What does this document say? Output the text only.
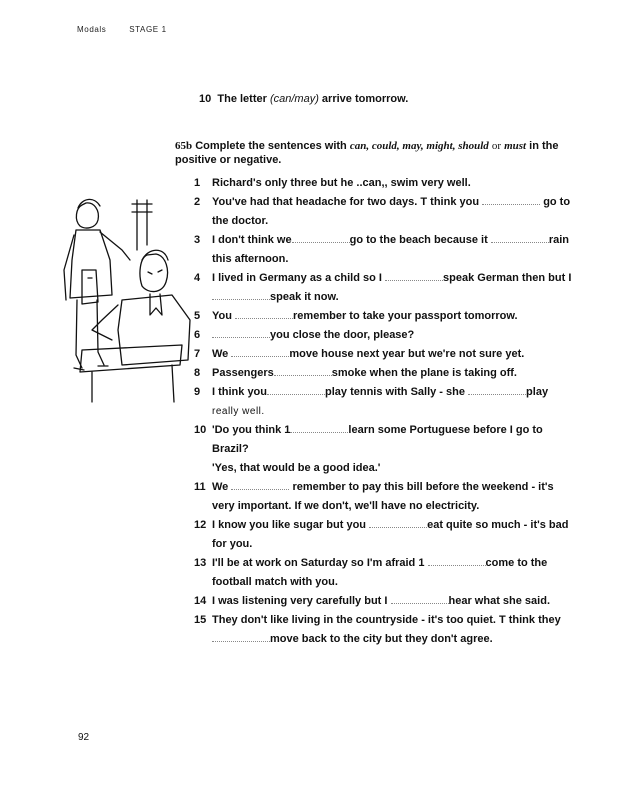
Modals	STAGE 1
10 The letter (can/may) arrive tomorrow.
65b Complete the sentences with can, could, may, might, should or must in the positive or negative.
1	Richard's only three but he ..can,, swim very well.
2	You've had that headache for two days. T think you	go to the doctor.
3	I don't think we	go to the beach because it	rain this afternoon.
4	I lived in Germany as a child so I	speak German then but I speak it now.
5	You	remember to take your passport tomorrow.
6	you close the door, please?
7	We	move house next year but we're not sure yet.
8	Passengers	smoke when the plane is taking off.
9	I think you	play tennis with Sally - she	play
really well.
10 'Do you think 1	learn some Portuguese before I go to Brazil?
'Yes, that would be a good idea.'
11 We	remember to pay this bill before the weekend - it's very important. If we don't, we'll have no electricity.
12 I know you like sugar but you	eat quite so much - it's bad for you.
13 I'll be at work on Saturday so I'm afraid 1	come to the football match with you.
14 I was listening very carefully but I	hear what she said.
15 They don't like living in the countryside - it's too quiet. T think they
move back to the city but they don't agree.
92
